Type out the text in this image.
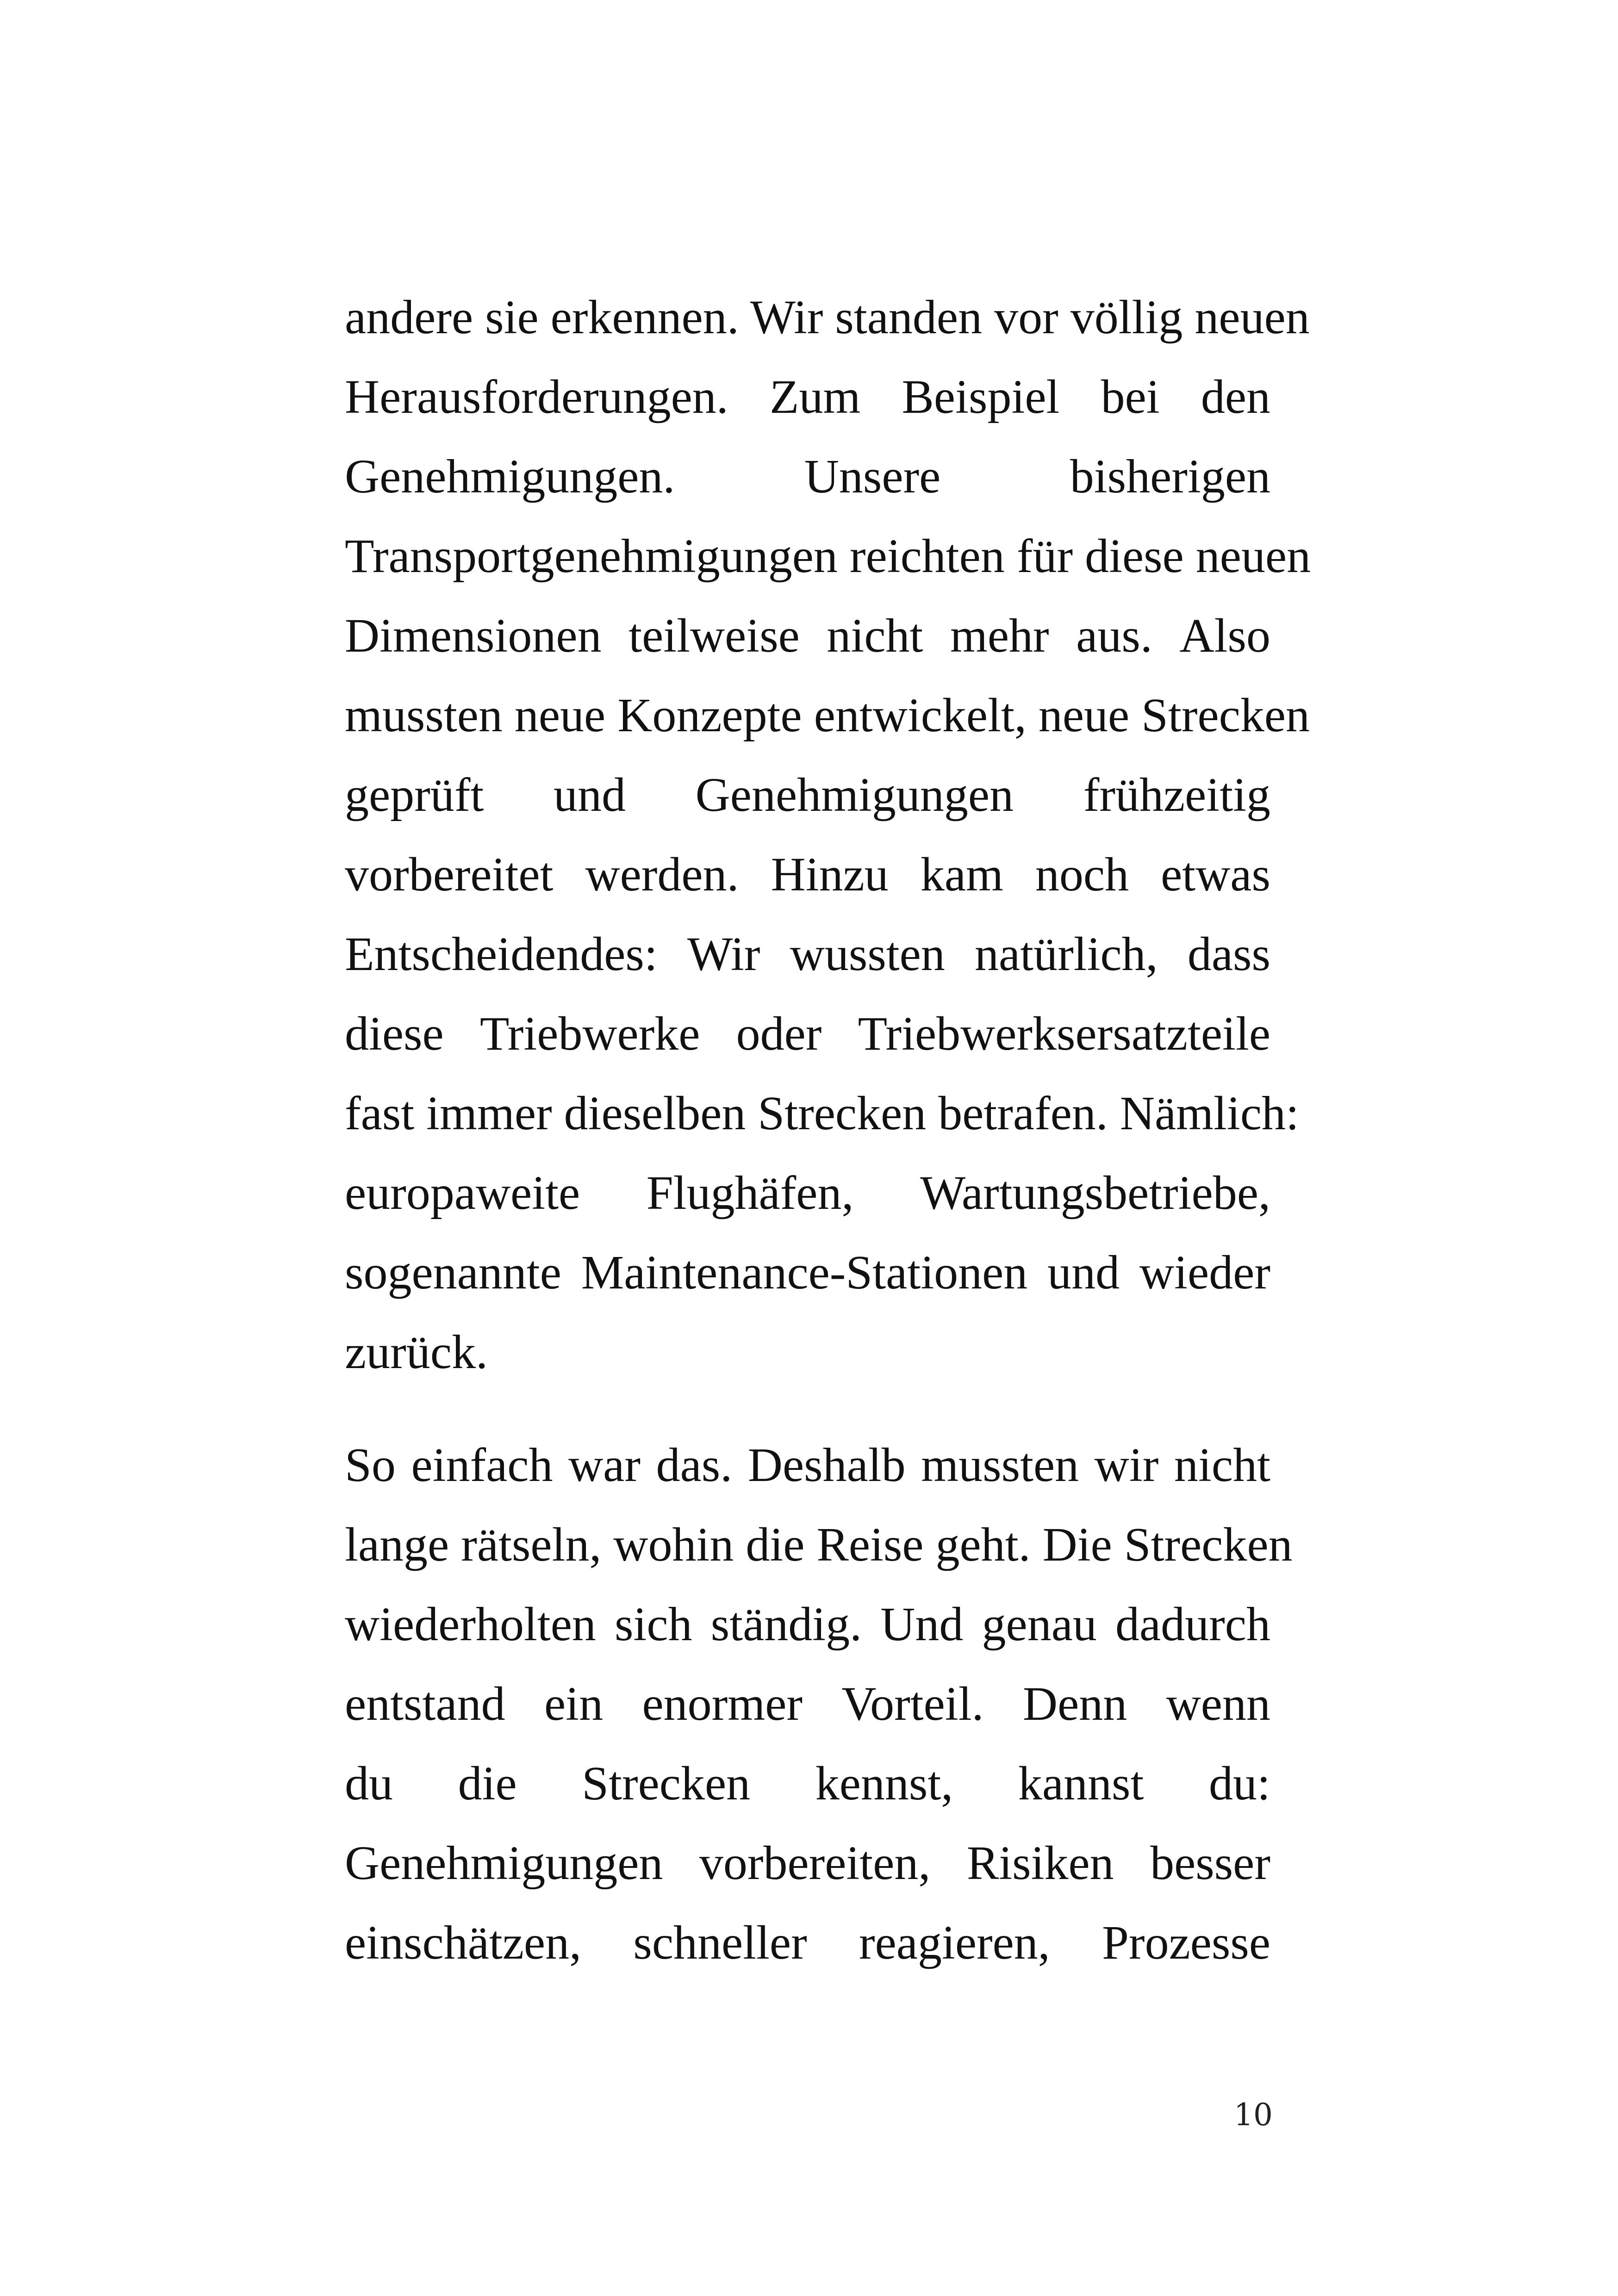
andere sie erkennen. Wir standen vor völlig neuen
Herausforderungen. Zum Beispiel bei den
Genehmigungen.	Unsere	bisherigen
Transportgenehmigungen reichten für diese neuen
Dimensionen teilweise nicht mehr aus. Also
mussten neue Konzepte entwickelt, neue Strecken
geprüft und Genehmigungen frühzeitig
vorbereitet werden. Hinzu kam noch etwas
Entscheidendes: Wir wussten natürlich, dass
diese Triebwerke oder Triebwerksersatzteile
fast immer dieselben Strecken betrafen. Nämlich:
europaweite Flughäfen, Wartungsbetriebe,
sogenannte Maintenance-Stationen und wieder
zurück.
So einfach war das. Deshalb mussten wir nicht
lange rätseln, wohin die Reise geht. Die Strecken
wiederholten sich ständig. Und genau dadurch
entstand ein enormer Vorteil. Denn wenn
du die Strecken kennst, kannst du:
Genehmigungen vorbereiten, Risiken besser
einschätzen, schneller reagieren, Prozesse
10
